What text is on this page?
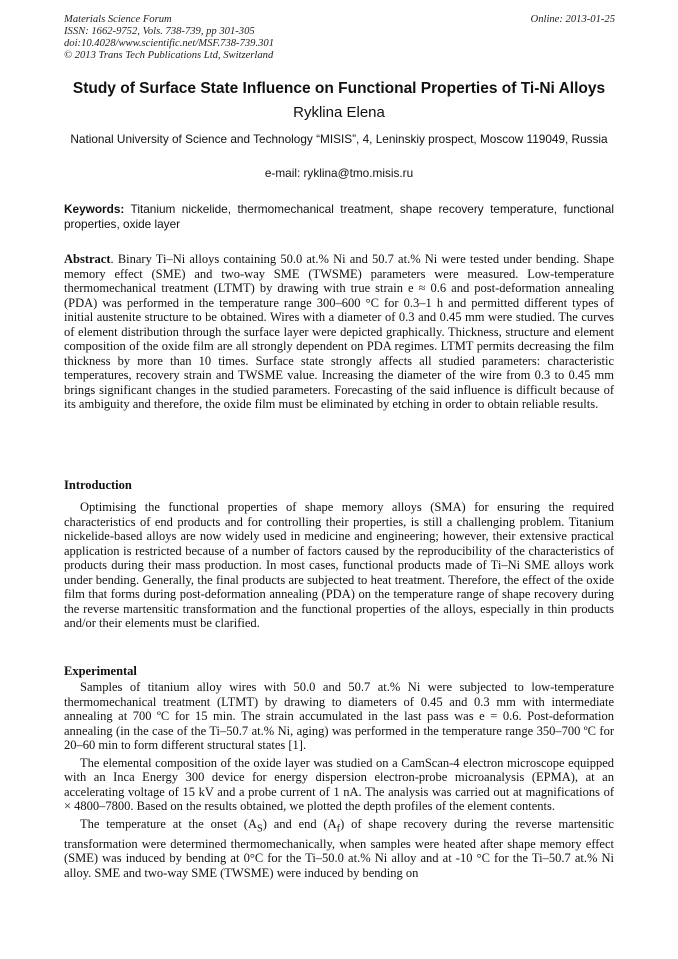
Materials Science Forum
ISSN: 1662-9752, Vols. 738-739, pp 301-305
doi:10.4028/www.scientific.net/MSF.738-739.301
© 2013 Trans Tech Publications Ltd, Switzerland
Online: 2013-01-25
Study of Surface State Influence on Functional Properties of Ti-Ni Alloys
Ryklina Elena
National University of Science and Technology “MISIS”, 4, Leninskiy prospect, Moscow 119049, Russia
e-mail: ryklina@tmo.misis.ru
Keywords: Titanium nickelide, thermomechanical treatment, shape recovery temperature, functional properties, oxide layer

Abstract. Binary Ti–Ni alloys containing 50.0 at.% Ni and 50.7 at.% Ni were tested under bending. Shape memory effect (SME) and two-way SME (TWSME) parameters were measured. Low-temperature thermomechanical treatment (LTMT) by drawing with true strain e ≈ 0.6 and post-deformation annealing (PDA) was performed in the temperature range 300–600 °C for 0.3–1 h and permitted different types of initial austenite structure to be obtained. Wires with a diameter of 0.3 and 0.45 mm were studied. The curves of element distribution through the surface layer were depicted graphically. Thickness, structure and element composition of the oxide film are all strongly dependent on PDA regimes. LTMT permits decreasing the film thickness by more than 10 times. Surface state strongly affects all studied parameters: characteristic temperatures, recovery strain and TWSME value. Increasing the diameter of the wire from 0.3 to 0.45 mm brings significant changes in the studied parameters. Forecasting of the said influence is difficult because of its ambiguity and therefore, the oxide film must be eliminated by etching in order to obtain reliable results.

Introduction

Optimising the functional properties of shape memory alloys (SMA) for ensuring the required characteristics of end products and for controlling their properties, is still a challenging problem. Titanium nickelide-based alloys are now widely used in medicine and engineering; however, their extensive practical application is restricted because of a number of factors caused by the reproducibility of the characteristics of products during their mass production. In most cases, functional products made of Ti–Ni SME alloys work under bending. Generally, the final products are subjected to heat treatment. Therefore, the effect of the oxide film that forms during post-deformation annealing (PDA) on the temperature range of shape recovery during the reverse martensitic transformation and the functional properties of the alloys, especially in thin products and/or their elements must be clarified.

Experimental

Samples of titanium alloy wires with 50.0 and 50.7 at.% Ni were subjected to low-temperature thermomechanical treatment (LTMT) by drawing to diameters of 0.45 and 0.3 mm with intermediate annealing at 700 ºC for 15 min. The strain accumulated in the last pass was e = 0.6. Post-deformation annealing (in the case of the Ti–50.7 at.% Ni, aging) was performed in the temperature range 350–700 ºC for 20–60 min to form different structural states [1].

The elemental composition of the oxide layer was studied on a CamScan-4 electron microscope equipped with an Inca Energy 300 device for energy dispersion electron-probe microanalysis (EPMA), at an accelerating voltage of 15 kV and a probe current of 1 nA. The analysis was carried out at magnifications of × 4800–7800. Based on the results obtained, we plotted the depth profiles of the element contents.

The temperature at the onset $(A_S)$ and end $(A_f)$ of shape recovery during the reverse martensitic transformation were determined thermomechanically, when samples were heated after shape memory effect (SME) was induced by bending at 0°C for the Ti–50.0 at.% Ni alloy and at -10 °C for the Ti–50.7 at.% Ni alloy. SME and two-way SME (TWSME) were induced by bending on
